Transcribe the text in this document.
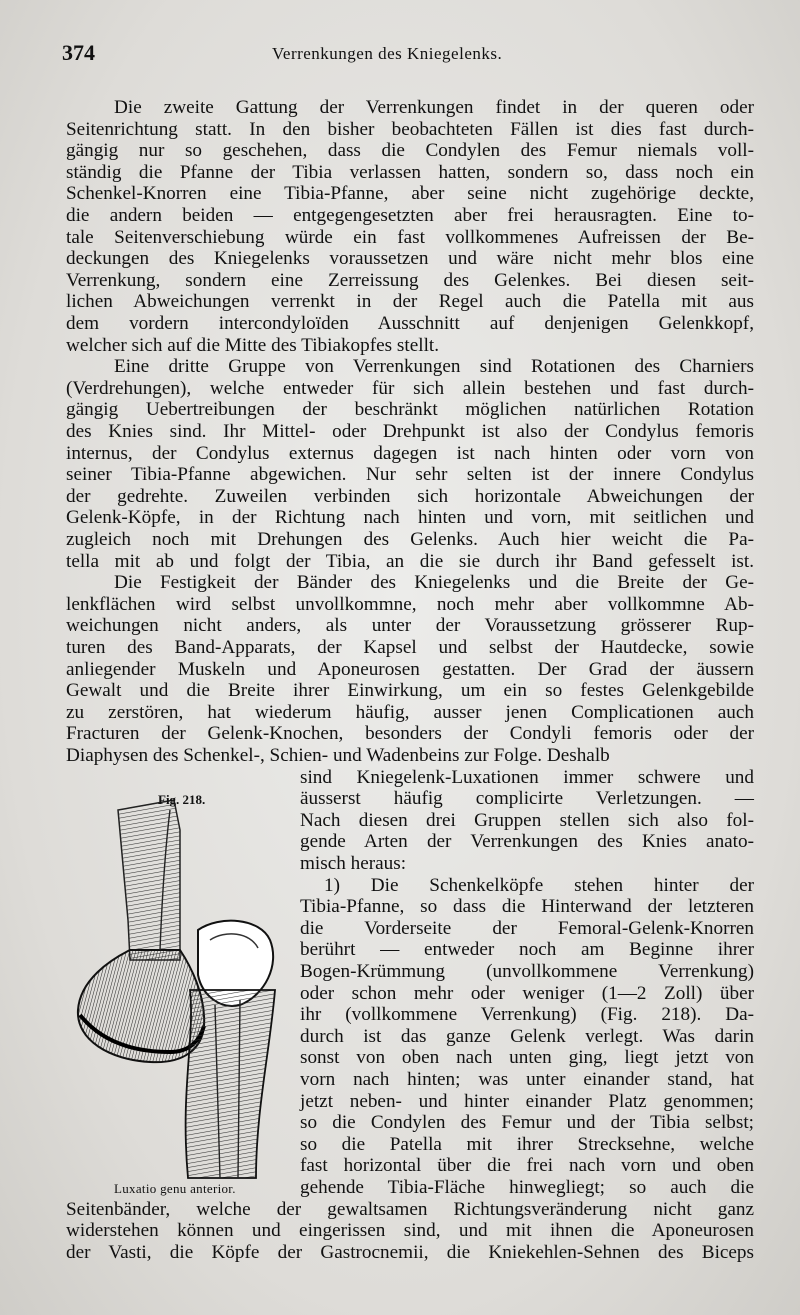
374	Verrenkungen des Kniegelenks.
Die zweite Gattung der Verrenkungen findet in der queren oder
Seitenrichtung statt. In den bisher beobachteten Fällen ist dies fast durch-
gängig nur so geschehen, dass die Condylen des Femur niemals voll-
ständig die Pfanne der Tibia verlassen hatten, sondern so, dass noch ein
Schenkel-Knorren eine Tibia-Pfanne, aber seine nicht zugehörige deckte,
die andern beiden — entgegengesetzten aber frei herausragten. Eine to-
tale Seitenverschiebung würde ein fast vollkommenes Aufreissen der Be-
deckungen des Kniegelenks voraussetzen und wäre nicht mehr blos eine
Verrenkung, sondern eine Zerreissung des Gelenkes. Bei diesen seit-
lichen Abweichungen verrenkt in der Regel auch die Patella mit aus
dem vordern intercondyloïden Ausschnitt auf denjenigen Gelenkkopf,
welcher sich auf die Mitte des Tibiakopfes stellt.
Eine dritte Gruppe von Verrenkungen sind Rotationen des Charniers
(Verdrehungen), welche entweder für sich allein bestehen und fast durch-
gängig Uebertreibungen der beschränkt möglichen natürlichen Rotation
des Knies sind. Ihr Mittel- oder Drehpunkt ist also der Condylus femoris
internus, der Condylus externus dagegen ist nach hinten oder vorn von
seiner Tibia-Pfanne abgewichen. Nur sehr selten ist der innere Condylus
der gedrehte. Zuweilen verbinden sich horizontale Abweichungen der
Gelenk-Köpfe, in der Richtung nach hinten und vorn, mit seitlichen und
zugleich noch mit Drehungen des Gelenks. Auch hier weicht die Pa-
tella mit ab und folgt der Tibia, an die sie durch ihr Band gefesselt ist.
Die Festigkeit der Bänder des Kniegelenks und die Breite der Ge-
lenkflächen wird selbst unvollkommne, noch mehr aber vollkommne Ab-
weichungen nicht anders, als unter der Voraussetzung grösserer Rup-
turen des Band-Apparats, der Kapsel und selbst der Hautdecke, sowie
anliegender Muskeln und Aponeurosen gestatten. Der Grad der äussern
Gewalt und die Breite ihrer Einwirkung, um ein so festes Gelenkgebilde
zu zerstören, hat wiederum häufig, ausser jenen Complicationen auch
Fracturen der Gelenk-Knochen, besonders der Condyli femoris oder der
Diaphysen des Schenkel-, Schien- und Wadenbeins zur Folge. Deshalb
sind Kniegelenk-Luxationen immer schwere und
äusserst häufig complicirte Verletzungen. —
Nach diesen drei Gruppen stellen sich also fol-
gende Arten der Verrenkungen des Knies anato-
misch heraus:
1) Die Schenkelköpfe stehen hinter der
Tibia-Pfanne, so dass die Hinterwand der letzteren
die Vorderseite der Femoral-Gelenk-Knorren
berührt — entweder noch am Beginne ihrer
Bogen-Krümmung (unvollkommene Verrenkung)
oder schon mehr oder weniger (1—2 Zoll) über
ihr (vollkommene Verrenkung) (Fig. 218). Da-
durch ist das ganze Gelenk verlegt. Was darin
sonst von oben nach unten ging, liegt jetzt von
vorn nach hinten; was unter einander stand, hat
jetzt neben- und hinter einander Platz genommen;
so die Condylen des Femur und der Tibia selbst;
so die Patella mit ihrer Strecksehne, welche
fast horizontal über die frei nach vorn und oben
gehende Tibia-Fläche hinwegliegt; so auch die
Seitenbänder, welche der gewaltsamen Richtungsveränderung nicht ganz
widerstehen können und eingerissen sind, und mit ihnen die Aponeurosen
der Vasti, die Köpfe der Gastrocnemii, die Kniekehlen-Sehnen des Biceps
Fig. 218.
Luxatio genu anterior.
